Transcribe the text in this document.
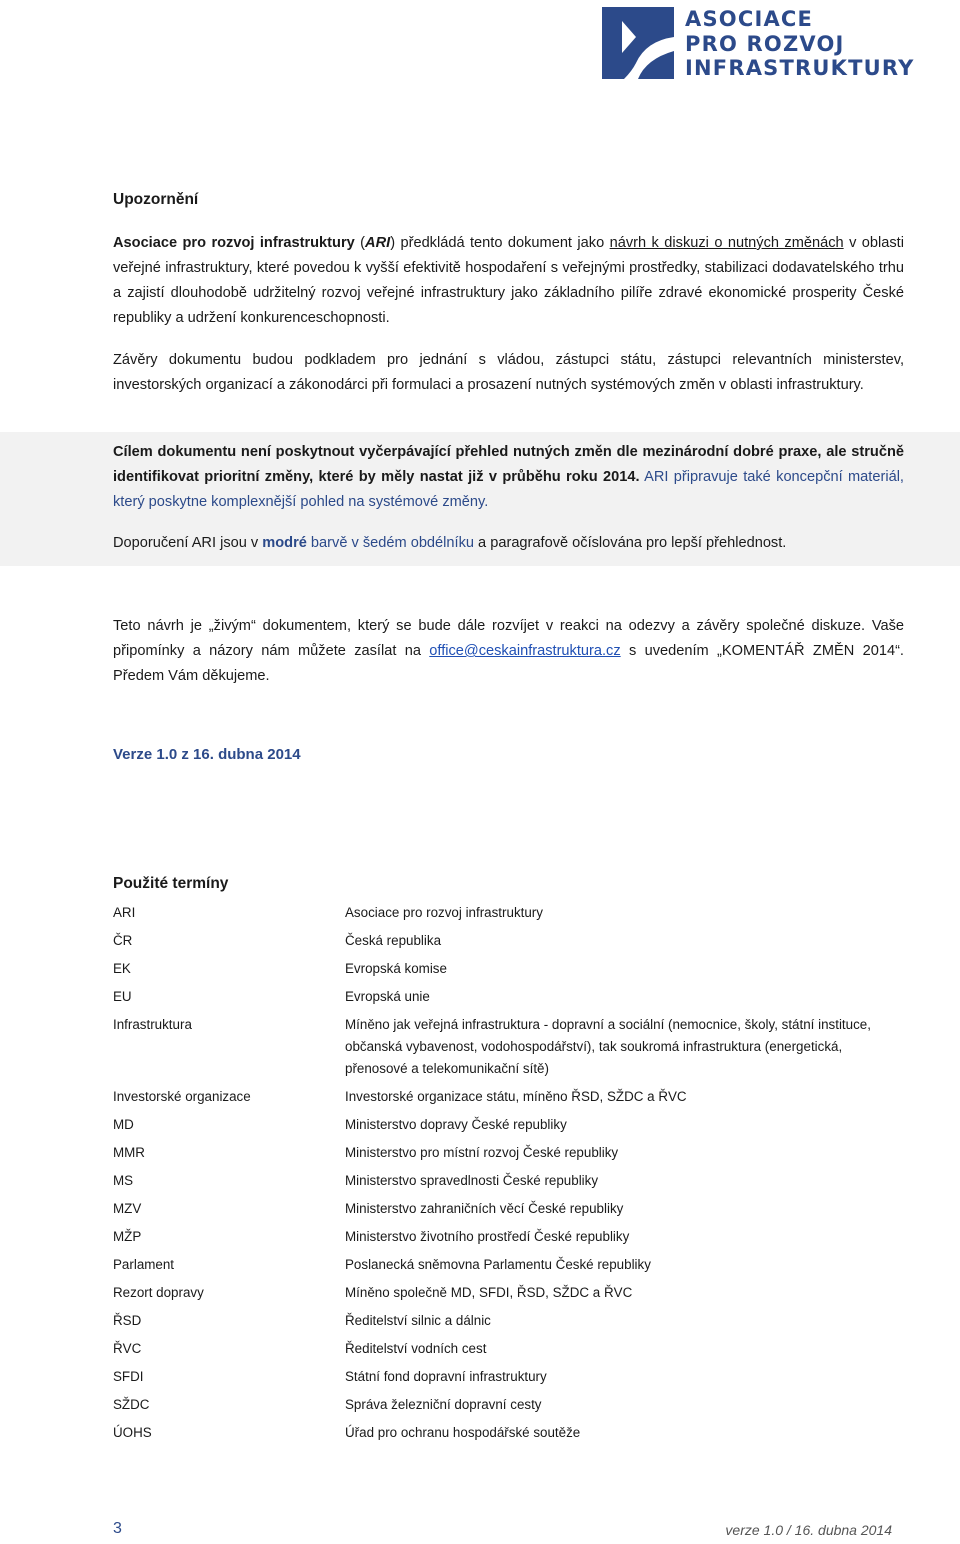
ASOCIACE
PRO ROZVOJ
INFRASTRUKTURY
Upozornění

Asociace pro rozvoj infrastruktury (ARI) předkládá tento dokument jako návrh k diskuzi o nutných změnách v oblasti veřejné infrastruktury, které povedou k vyšší efektivitě hospodaření s veřejnými prostředky, stabilizaci dodavatelského trhu a zajistí dlouhodobě udržitelný rozvoj veřejné infrastruktury jako základního pilíře zdravé ekonomické prosperity České republiky a udržení konkurenceschopnosti.

Závěry dokumentu budou podkladem pro jednání s vládou, zástupci státu, zástupci relevantních ministerstev, investorských organizací a zákonodárci při formulaci a prosazení nutných systémových změn v oblasti infrastruktury.

Cílem dokumentu není poskytnout vyčerpávající přehled nutných změn dle mezinárodní dobré praxe, ale stručně identifikovat prioritní změny, které by měly nastat již v průběhu roku 2014. ARI připravuje také koncepční materiál, který poskytne komplexnější pohled na systémové změny.

Doporučení ARI jsou v modré barvě v šedém obdélníku a paragrafově očíslována pro lepší přehlednost.

Teto návrh je „živým“ dokumentem, který se bude dále rozvíjet v reakci na odezvy a závěry společné diskuze. Vaše připomínky a názory nám můžete zasílat na office@ceskainfrastruktura.cz s uvedením „KOMENTÁŘ ZMĚN 2014“. Předem Vám děkujeme.

Verze 1.0 z 16. dubna 2014

Použité termíny
ARI	Asociace pro rozvoj infrastruktury
ČR	Česká republika
EK	Evropská komise
EU	Evropská unie
Infrastruktura	Míněno jak veřejná infrastruktura - dopravní a sociální (nemocnice, školy, státní instituce, občanská vybavenost, vodohospodářství), tak soukromá infrastruktura (energetická, přenosové a telekomunikační sítě)
Investorské organizace	Investorské organizace státu, míněno ŘSD, SŽDC a ŘVC
MD	Ministerstvo dopravy České republiky
MMR	Ministerstvo pro místní rozvoj České republiky
MS	Ministerstvo spravedlnosti České republiky
MZV	Ministerstvo zahraničních věcí České republiky
MŽP	Ministerstvo životního prostředí České republiky
Parlament	Poslanecká sněmovna Parlamentu České republiky
Rezort dopravy	Míněno společně MD, SFDI, ŘSD, SŽDC a ŘVC
ŘSD	Ředitelství silnic a dálnic
ŘVC	Ředitelství vodních cest
SFDI	Státní fond dopravní infrastruktury
SŽDC	Správa železniční dopravní cesty
ÚOHS	Úřad pro ochranu hospodářské soutěže
3	verze 1.0 / 16. dubna 2014
